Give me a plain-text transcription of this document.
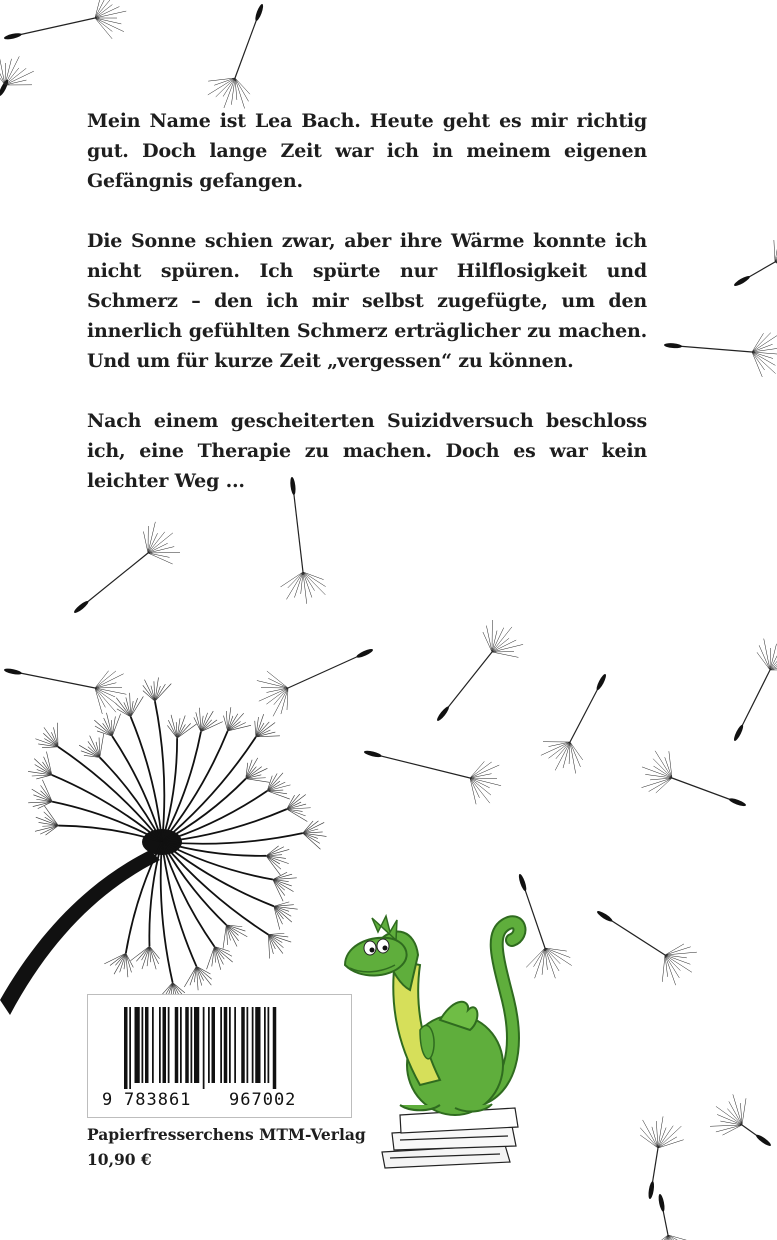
Mein Name ist Lea Bach. Heute geht es mir richtig gut. Doch lange Zeit war ich in meinem eigenen Gefängnis gefangen.

Die Sonne schien zwar, aber ihre Wärme konnte ich nicht spüren. Ich spürte nur Hilflosigkeit und Schmerz – den ich mir selbst zugefügte, um den innerlich gefühlten Schmerz erträglicher zu machen. Und um für kurze Zeit „vergessen“ zu können.

Nach einem gescheiterten Suizidversuch beschloss ich, eine Therapie zu machen. Doch es war kein leichter Weg ...

9 783861 967002

Papierfresserchens MTM-Verlag

10,90 €
